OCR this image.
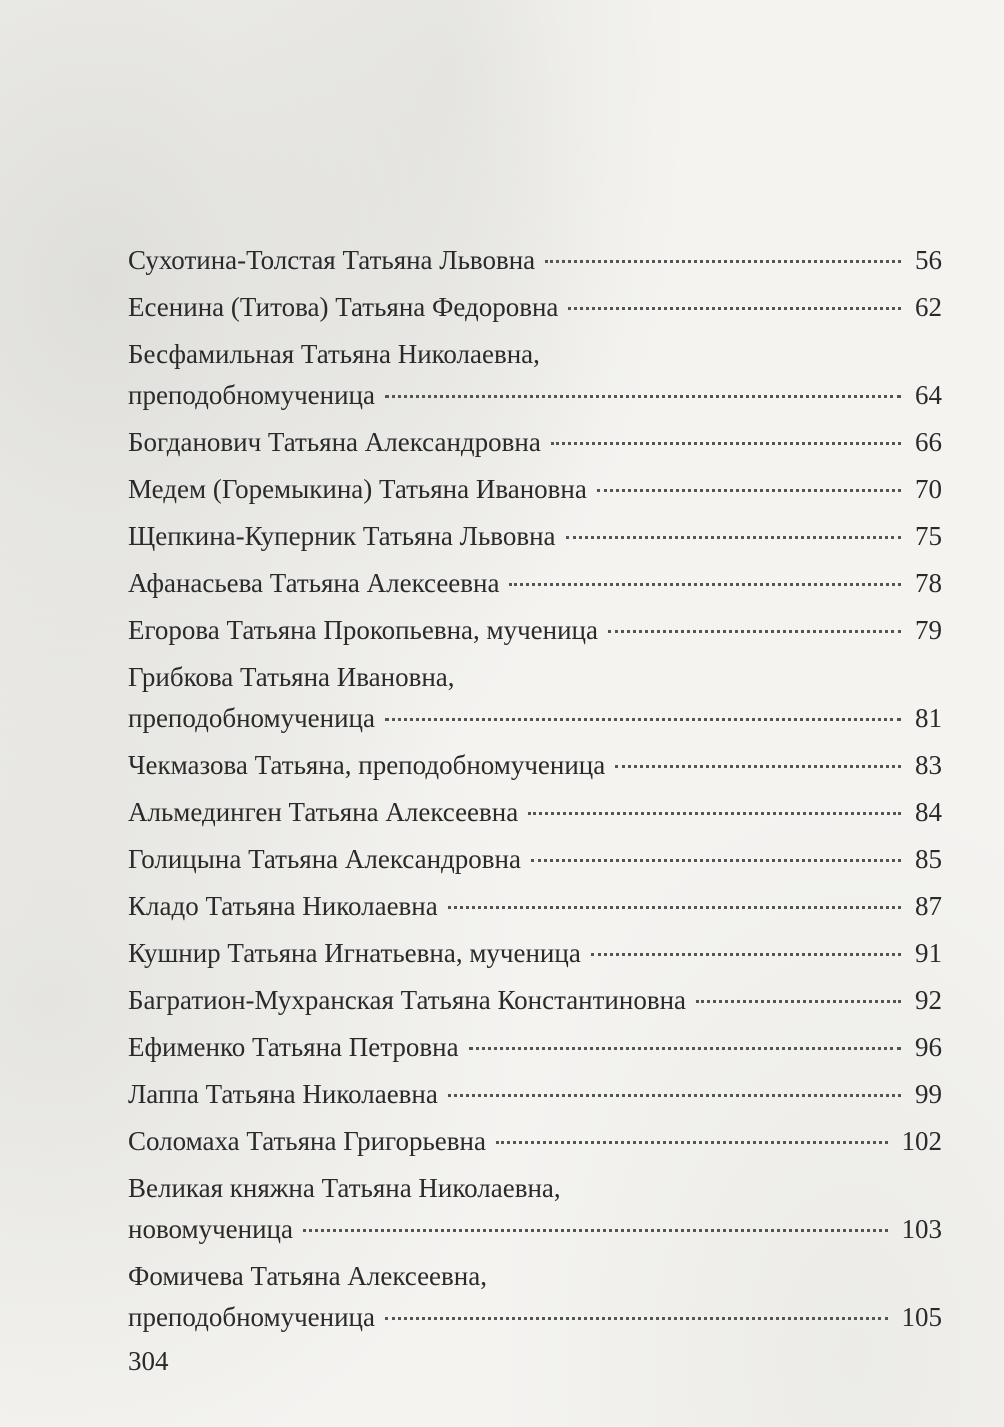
Сухотина-Толстая Татьяна Львовна	56
Есенина (Титова) Татьяна Федоровна	62
Бесфамильная Татьяна Николаевна,
преподобномученица	64
Богданович Татьяна Александровна	66
Медем (Горемыкина) Татьяна Ивановна	70
Щепкина-Куперник Татьяна Львовна	75
Афанасьева Татьяна Алексеевна	78
Егорова Татьяна Прокопьевна, мученица	79
Грибкова Татьяна Ивановна,
преподобномученица	81
Чекмазова Татьяна, преподобномученица	83
Альмединген Татьяна Алексеевна	84
Голицына Татьяна Александровна	85
Кладо Татьяна Николаевна	87
Кушнир Татьяна Игнатьевна, мученица	91
Багратион-Мухранская Татьяна Константиновна	92
Ефименко Татьяна Петровна	96
Лаппа Татьяна Николаевна	99
Соломаха Татьяна Григорьевна	102
Великая княжна Татьяна Николаевна,
новомученица	103
Фомичева Татьяна Алексеевна,
преподобномученица	105
304
